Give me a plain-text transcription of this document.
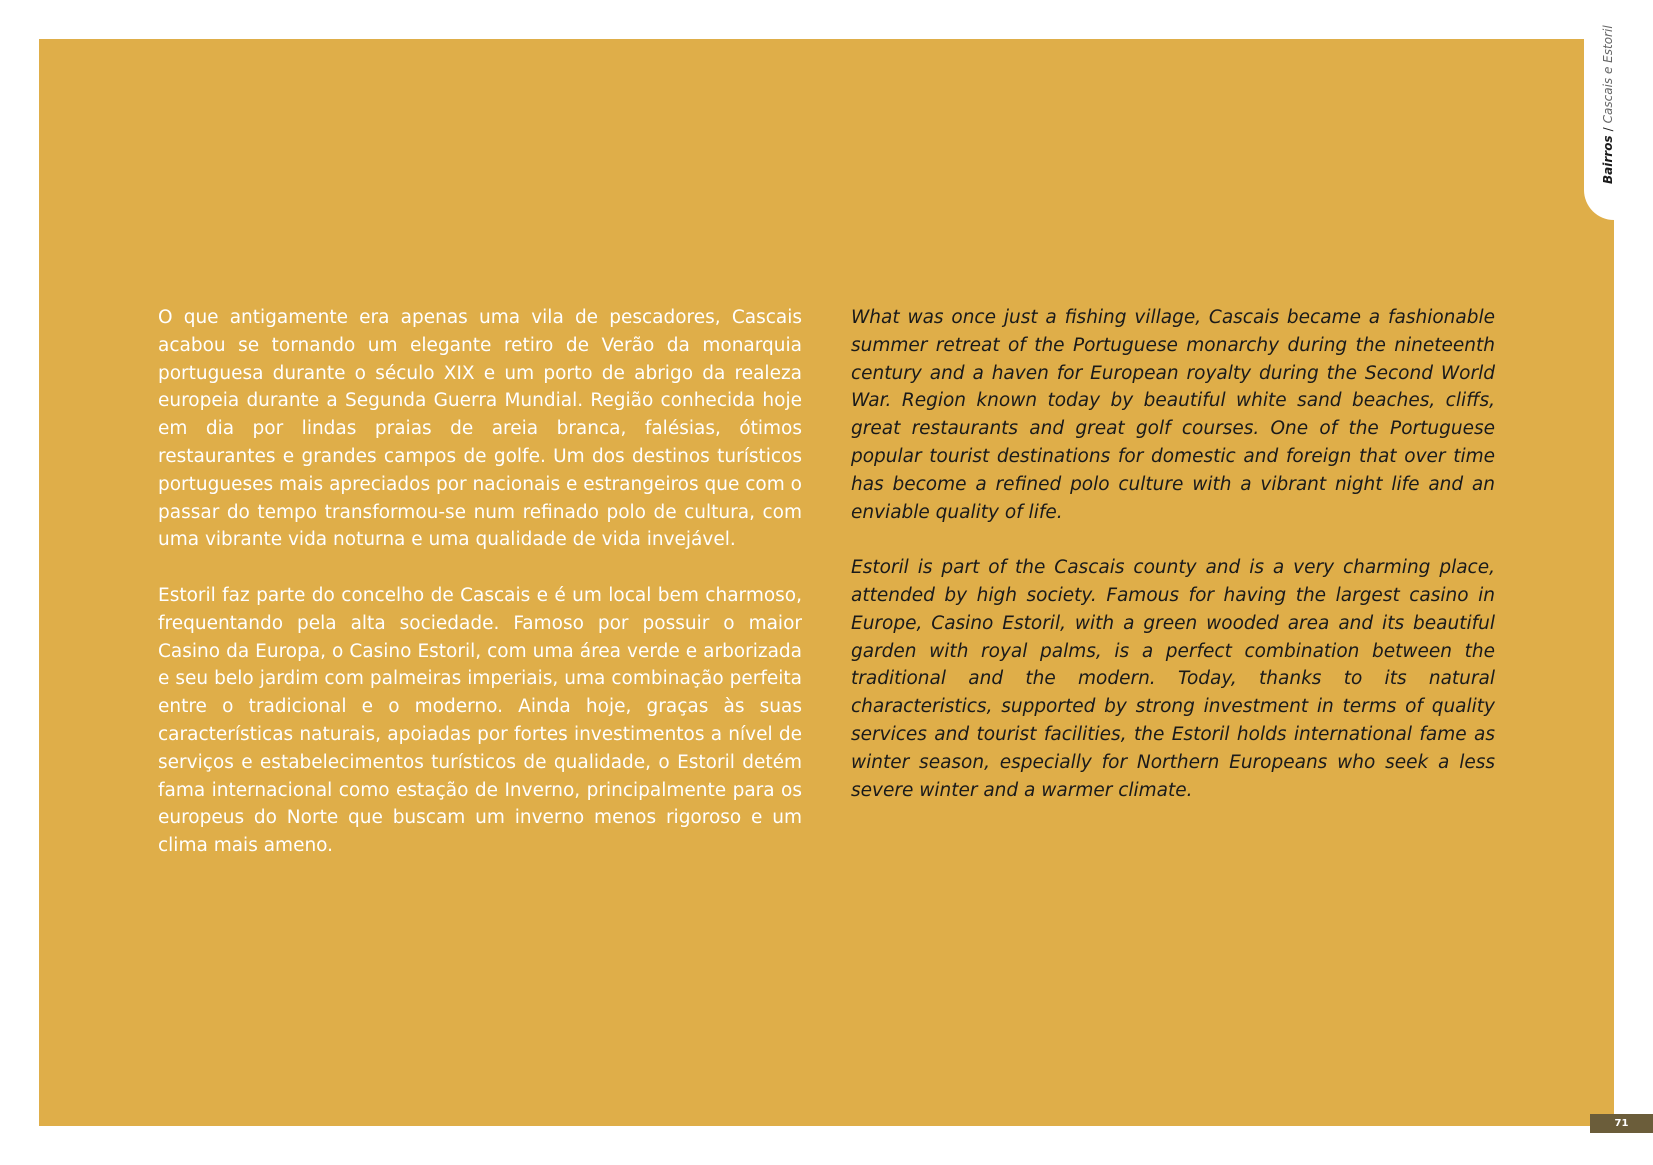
Bairros/Cascais e Estoril

O que antigamente era apenas uma vila de pescadores, Cascais acabou se tornando um elegante retiro de Verão da monarquia portuguesa durante o século XIX e um porto de abrigo da realeza europeia durante a Segunda Guerra Mundial. Região conhecida hoje em dia por lindas praias de areia branca, falésias, ótimos restaurantes e grandes campos de golfe. Um dos destinos turísticos portugueses mais apreciados por nacionais e estrangeiros que com o passar do tempo transformou-se num refinado polo de cultura, com uma vibrante vida noturna e uma qualidade de vida invejável.

Estoril faz parte do concelho de Cascais e é um local bem charmoso, frequentando pela alta sociedade. Famoso por possuir o maior Casino da Europa, o Casino Estoril, com uma área verde e arborizada e seu belo jardim com palmeiras imperiais, uma combinação perfeita entre o tradicional e o moderno. Ainda hoje, graças às suas características naturais, apoiadas por fortes investimentos a nível de serviços e estabelecimentos turísticos de qualidade, o Estoril detém fama internacional como estação de Inverno, principalmente para os europeus do Norte que buscam um inverno menos rigoroso e um clima mais ameno.

What was once just a fishing village, Cascais became a fashionable summer retreat of the Portuguese monarchy during the nineteenth century and a haven for European royalty during the Second World War. Region known today by beautiful white sand beaches, cliffs, great restaurants and great golf courses. One of the Portuguese popular tourist destinations for domestic and foreign that over time has become a refined polo culture with a vibrant night life and an enviable quality of life.

Estoril is part of the Cascais county and is a very charming place, attended by high society. Famous for having the largest casino in Europe, Casino Estoril, with a green wooded area and its beautiful garden with royal palms, is a perfect combination between the traditional and the modern. Today, thanks to its natural characteristics, supported by strong investment in terms of quality services and tourist facilities, the Estoril holds international fame as winter season, especially for Northern Europeans who seek a less severe winter and a warmer climate.

71
